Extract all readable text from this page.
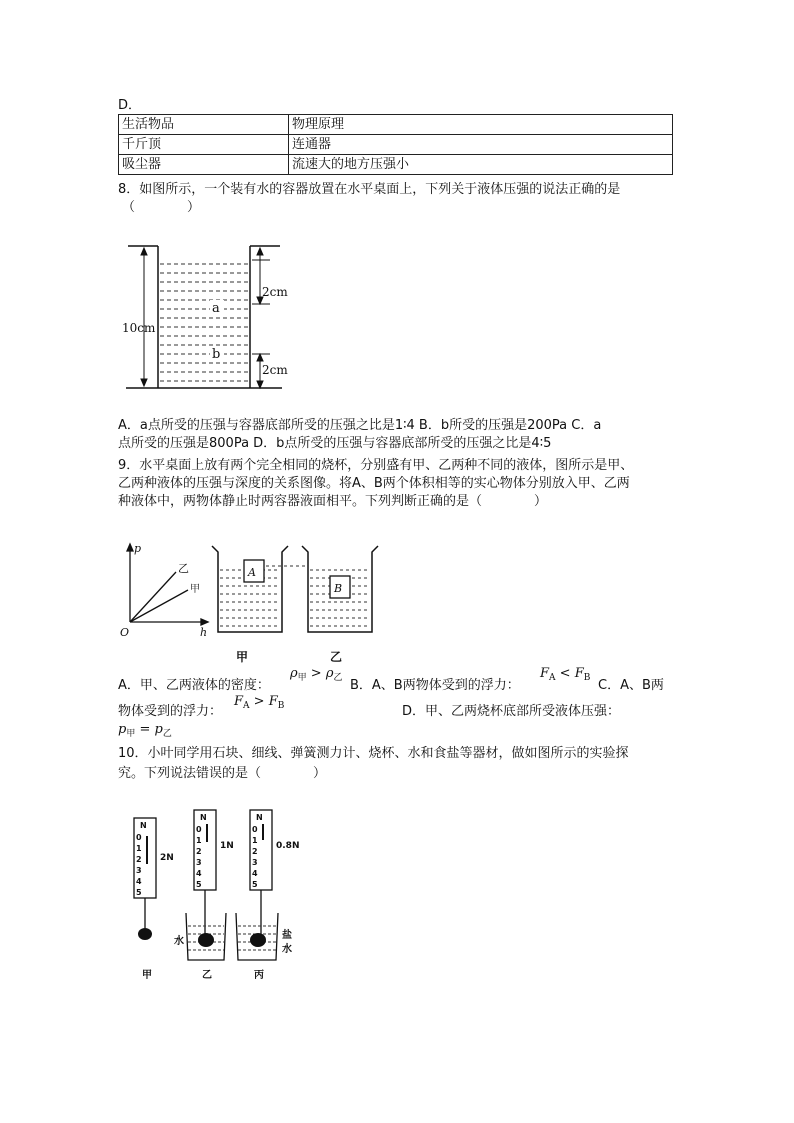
D．
生活物品	物理原理
千斤顶	连通器
吸尘器	流速大的地方压强小
8．如图所示，一个装有水的容器放置在水平桌面上，下列关于液体压强的说法正确的是
（　　　　）
2cm
10cm
2cm
a
b
A．a点所受的压强与容器底部所受的压强之比是1∶4 B．b所受的压强是200Pa C．a
点所受的压强是800Pa D．b点所受的压强与容器底部所受的压强之比是4∶5
9．水平桌面上放有两个完全相同的烧杯，分别盛有甲、乙两种不同的液体，图所示是甲、
乙两种液体的压强与深度的关系图像。将A、B两个体积相等的实心物体分别放入甲、乙两
种液体中，两物体静止时两容器液面相平。下列判断正确的是（　　　　）
p
h
O
乙
甲
A
B
甲	乙
A．甲、乙两液体的密度：
$\rho_甲 > \rho_乙$ B．A、B两物体受到的浮力：
$F_A < F_B$ C．A、B两
物体受到的浮力：
$F_A > F_B$	D．甲、乙两烧杯底部所受液体压强：
$p_甲 = p_乙$
10．小叶同学用石块、细线、弹簧测力计、烧杯、水和食盐等器材，做如图所示的实验探
究。下列说法错误的是（　　　　）
N
N	N
0
1
2
3
4
5
0
1
2
3
4
5
0
1
2
3
4
5
2N
1N	0.8N
水
盐
水
甲	乙	丙
